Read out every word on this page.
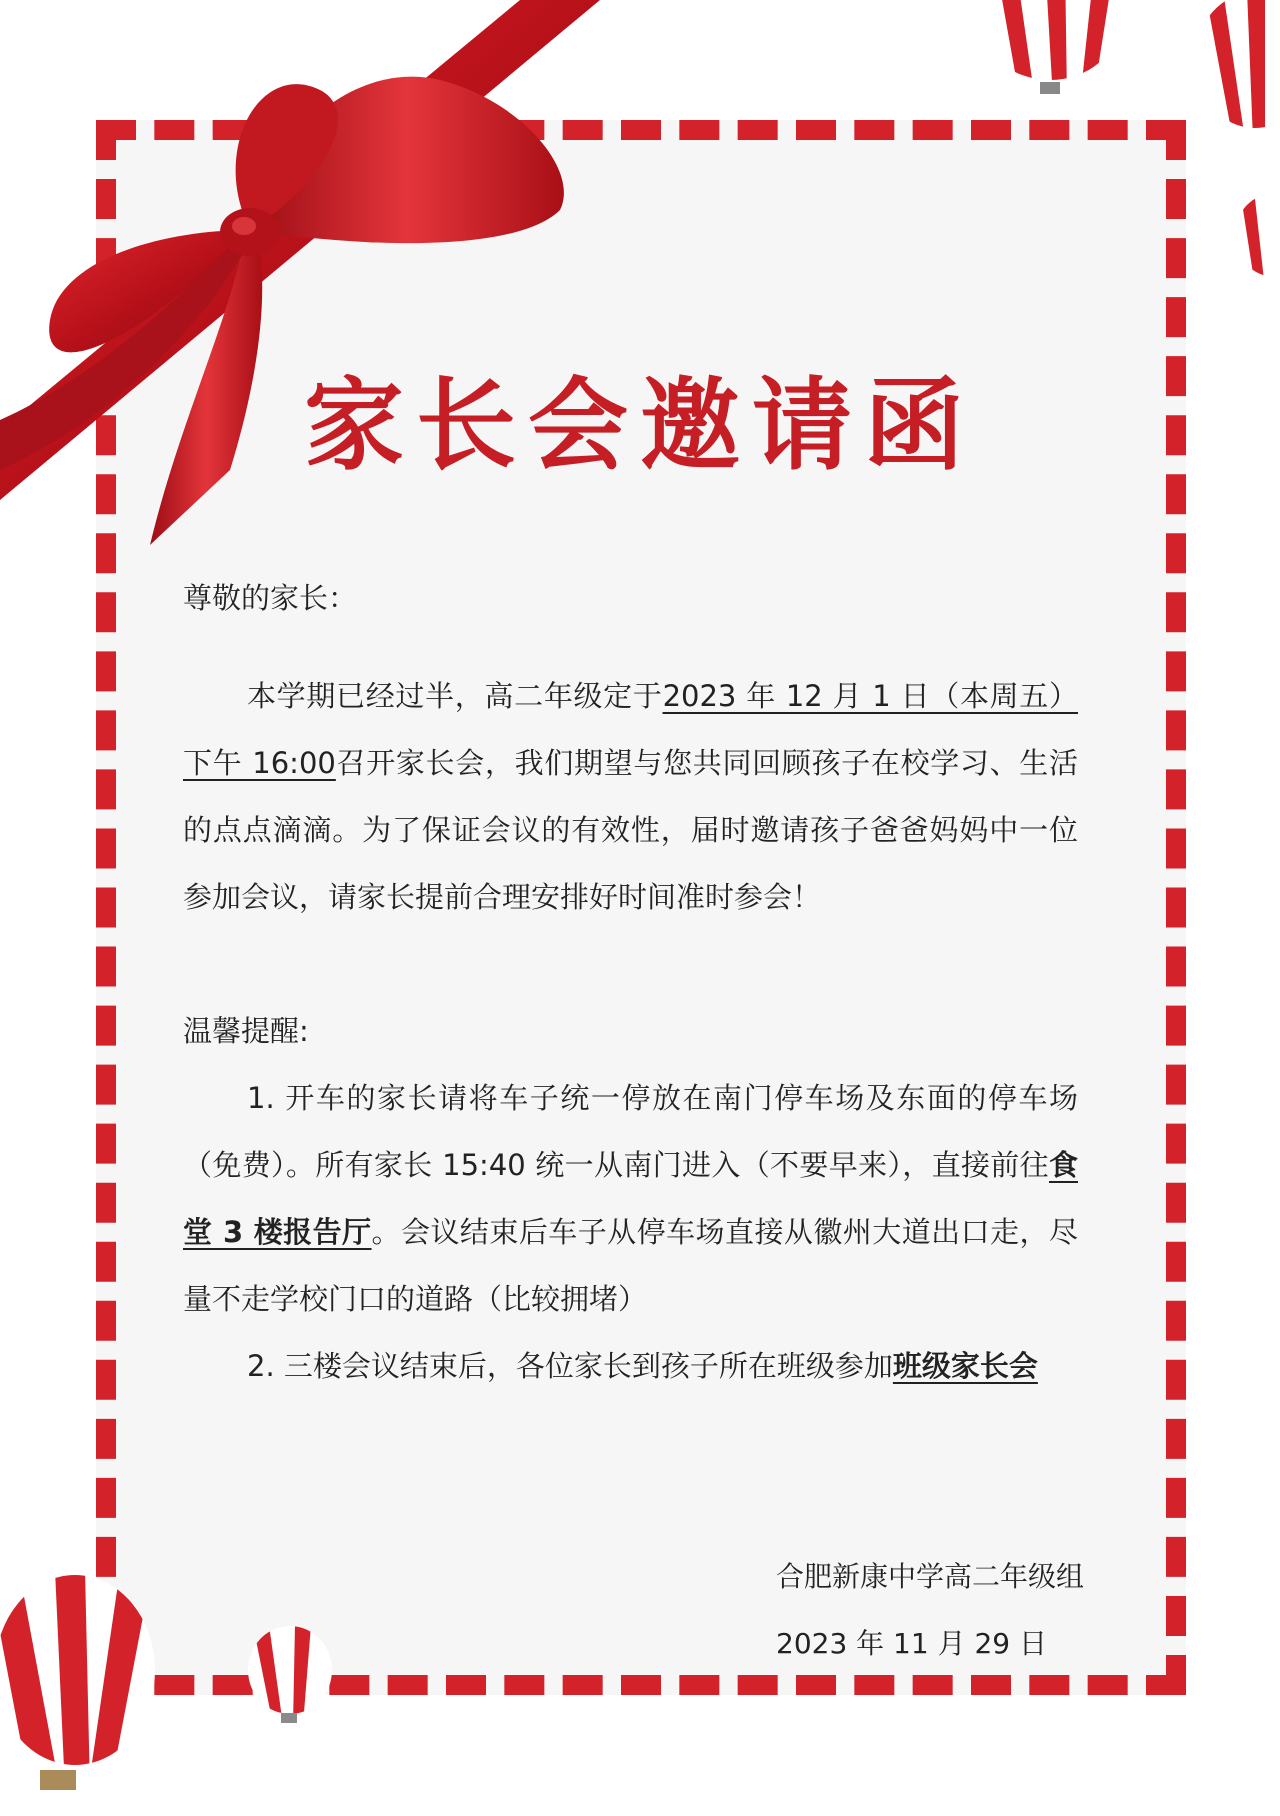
家长会邀请函
尊敬的家长：

本学期已经过半，高二年级定于2023 年 12 月 1 日（本周五）下午 16:00召开家长会，我们期望与您共同回顾孩子在校学习、生活的点点滴滴。为了保证会议的有效性，届时邀请孩子爸爸妈妈中一位参加会议，请家长提前合理安排好时间准时参会！

温馨提醒:

1. 开车的家长请将车子统一停放在南门停车场及东面的停车场（免费）。所有家长 15:40 统一从南门进入（不要早来），直接前往食堂 3 楼报告厅。会议结束后车子从停车场直接从徽州大道出口走，尽量不走学校门口的道路（比较拥堵）

2. 三楼会议结束后，各位家长到孩子所在班级参加班级家长会

合肥新康中学高二年级组
2023 年 11 月 29 日
